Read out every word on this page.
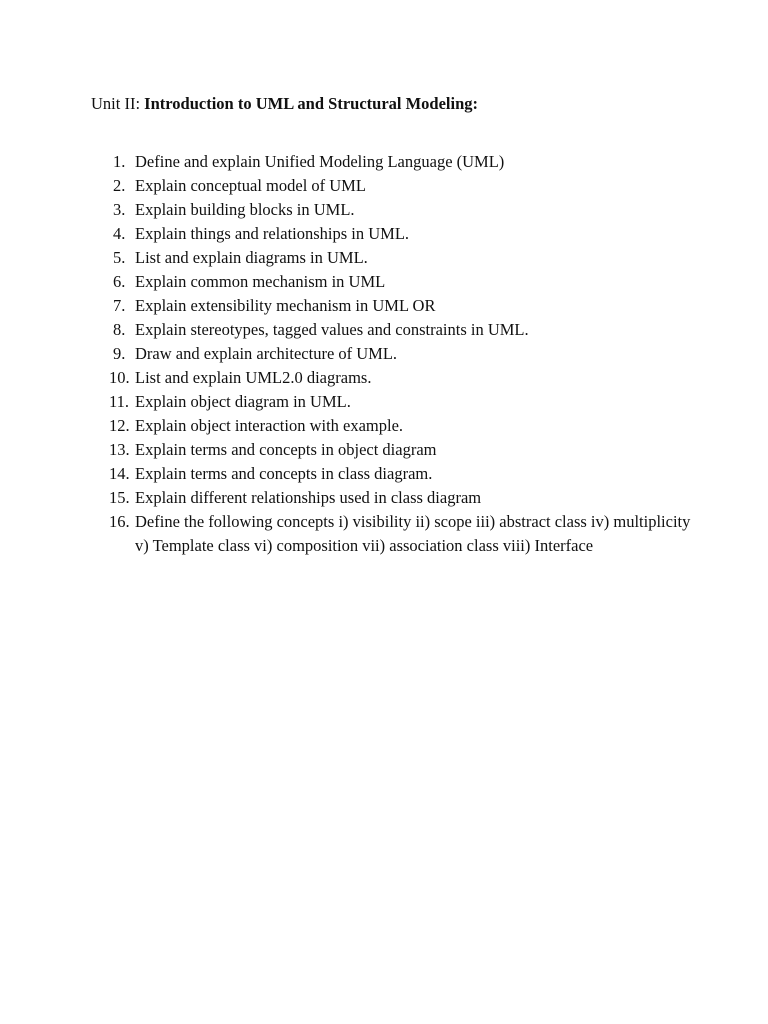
Unit II: Introduction to UML and Structural Modeling:
1. Define and explain Unified Modeling Language (UML)
2. Explain conceptual model of UML
3. Explain building blocks in UML.
4. Explain things and relationships in UML.
5. List and explain diagrams in UML.
6. Explain common mechanism in UML
7. Explain extensibility mechanism in UML OR
8. Explain stereotypes, tagged values and constraints in UML.
9. Draw and explain architecture of UML.
10. List and explain UML2.0 diagrams.
11. Explain object diagram in UML.
12. Explain object interaction with example.
13. Explain terms and concepts in object diagram
14. Explain terms and concepts in class diagram.
15. Explain different relationships used in class diagram
16. Define the following concepts i) visibility ii) scope iii) abstract class iv) multiplicity v) Template class vi) composition vii) association class viii) Interface
